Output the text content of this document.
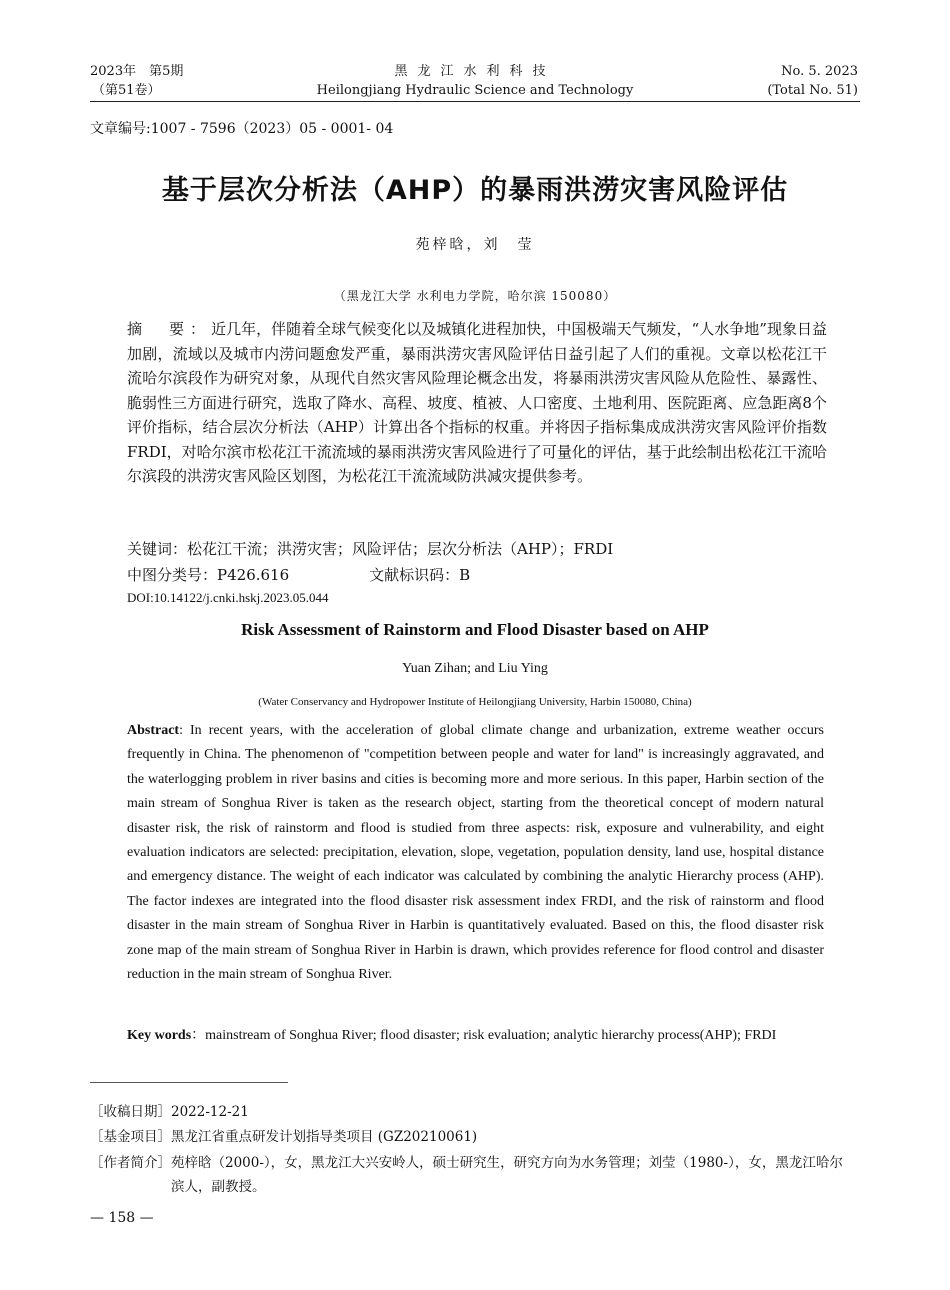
2023年　第5期
（第51卷）
黑龙江水利科技
Heilongjiang Hydraulic Science and Technology
No. 5. 2023
(Total No. 51)
文章编号:1007 - 7596（2023）05 - 0001- 04
基于层次分析法（AHP）的暴雨洪涝灾害风险评估
苑梓晗，刘　莹
（黑龙江大学 水利电力学院，哈尔滨 150080）
摘　要：近几年，伴随着全球气候变化以及城镇化进程加快，中国极端天气频发，“人水争地”现象日益加剧，流域以及城市内涝问题愈发严重，暴雨洪涝灾害风险评估日益引起了人们的重视。文章以松花江干流哈尔滨段作为研究对象，从现代自然灾害风险理论概念出发，将暴雨洪涝灾害风险从危险性、暴露性、脆弱性三方面进行研究，选取了降水、高程、坡度、植被、人口密度、土地利用、医院距离、应急距离8个评价指标，结合层次分析法（AHP）计算出各个指标的权重。并将因子指标集成成洪涝灾害风险评价指数FRDI，对哈尔滨市松花江干流流域的暴雨洪涝灾害风险进行了可量化的评估，基于此绘制出松花江干流哈尔滨段的洪涝灾害风险区划图，为松花江干流流域防洪减灾提供参考。
关键词：松花江干流；洪涝灾害；风险评估；层次分析法（AHP）；FRDI
中图分类号：P426.616	文献标识码：B
DOI:10.14122/j.cnki.hskj.2023.05.044
Risk Assessment of Rainstorm and Flood Disaster based on AHP
Yuan Zihan; and Liu Ying
(Water Conservancy and Hydropower Institute of Heilongjiang University, Harbin 150080, China)
Abstract: In recent years, with the acceleration of global climate change and urbanization, extreme weather occurs frequently in China. The phenomenon of "competition between people and water for land" is increasingly aggravated, and the waterlogging problem in river basins and cities is becoming more and more serious. In this paper, Harbin section of the main stream of Songhua River is taken as the research object, starting from the theoretical concept of modern natural disaster risk, the risk of rainstorm and flood is studied from three aspects: risk, exposure and vulnerability, and eight evaluation indicators are selected: precipitation, elevation, slope, vegetation, population density, land use, hospital distance and emergency distance. The weight of each indicator was calculated by combining the analytic Hierarchy process (AHP). The factor indexes are integrated into the flood disaster risk assessment index FRDI, and the risk of rainstorm and flood disaster in the main stream of Songhua River in Harbin is quantitatively evaluated. Based on this, the flood disaster risk zone map of the main stream of Songhua River in Harbin is drawn, which provides reference for flood control and disaster reduction in the main stream of Songhua River.
Key words：mainstream of Songhua River; flood disaster; risk evaluation; analytic hierarchy process(AHP); FRDI
［收稿日期］2022-12-21
［基金项目］黑龙江省重点研发计划指导类项目 (GZ20210061)
［作者简介］苑梓晗（2000-），女，黑龙江大兴安岭人，硕士研究生，研究方向为水务管理；刘莹（1980-），女，黑龙江哈尔滨人，副教授。
— 158 —
